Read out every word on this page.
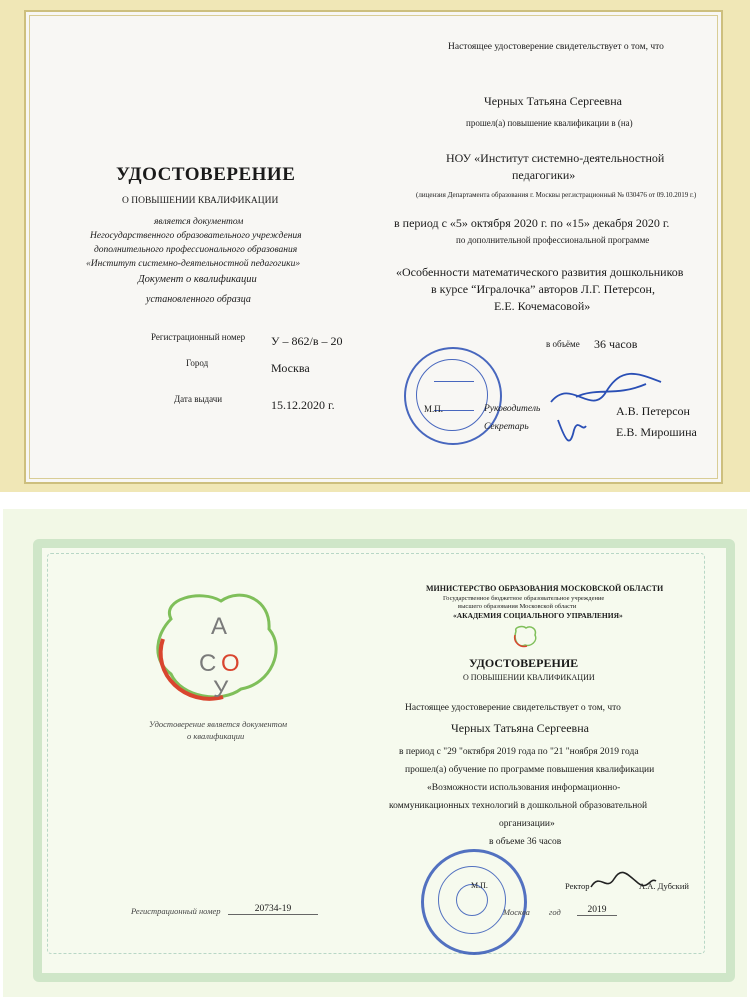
УДОСТОВЕРЕНИЕ
О ПОВЫШЕНИИ КВАЛИФИКАЦИИ
является документом
Негосударственного образовательного учреждения
дополнительного профессионального образования
«Институт системно-деятельностной педагогики»
Документ о квалификации
установленного образца
Регистрационный номер У – 862/в – 20
Город	Москва
Дата выдачи	15.12.2020 г.
Настоящее удостоверение свидетельствует о том, что
Черных Татьяна Сергеевна
прошел(а) повышение квалификации в (на)
НОУ «Институт системно-деятельностной
педагогики»
(лицензия Департамента образования г. Москвы рег.истрационный № 030476 от 09.10.2019 г.)
в период с «5» октября 2020 г. по «15» декабря 2020 г.
по дополнительной профессиональной программе
«Особенности математического развития дошкольников
в курсе “Игралочка” авторов Л.Г. Петерсон,
Е.Е. Кочемасовой»
в объёме 36 часов
М.П.	Руководитель	А.В. Петерсон
Секретарь	Е.В. Мирошина
А
С О
У
Удостоверение является документом
о квалификации
Регистрационный номер	20734-19
МИНИСТЕРСТВО ОБРАЗОВАНИЯ МОСКОВСКОЙ ОБЛАСТИ
Государственное бюджетное образовательное учреждение
высшего образования Московской области
«АКАДЕМИЯ СОЦИАЛЬНОГО УПРАВЛЕНИЯ»
УДОСТОВЕРЕНИЕ
О ПОВЫШЕНИИ КВАЛИФИКАЦИИ
Настоящее удостоверение свидетельствует о том, что
Черных Татьяна Сергеевна
в период с "29 "октября 2019 года по "21 "ноября 2019 года
прошел(а) обучение по программе повышения квалификации
«Возможности использования информационно-
коммуникационных технологий в дошкольной образовательной
организации»
в объеме 36 часов
М.П.	Ректор	А.А. Дубский
Москва год	2019
